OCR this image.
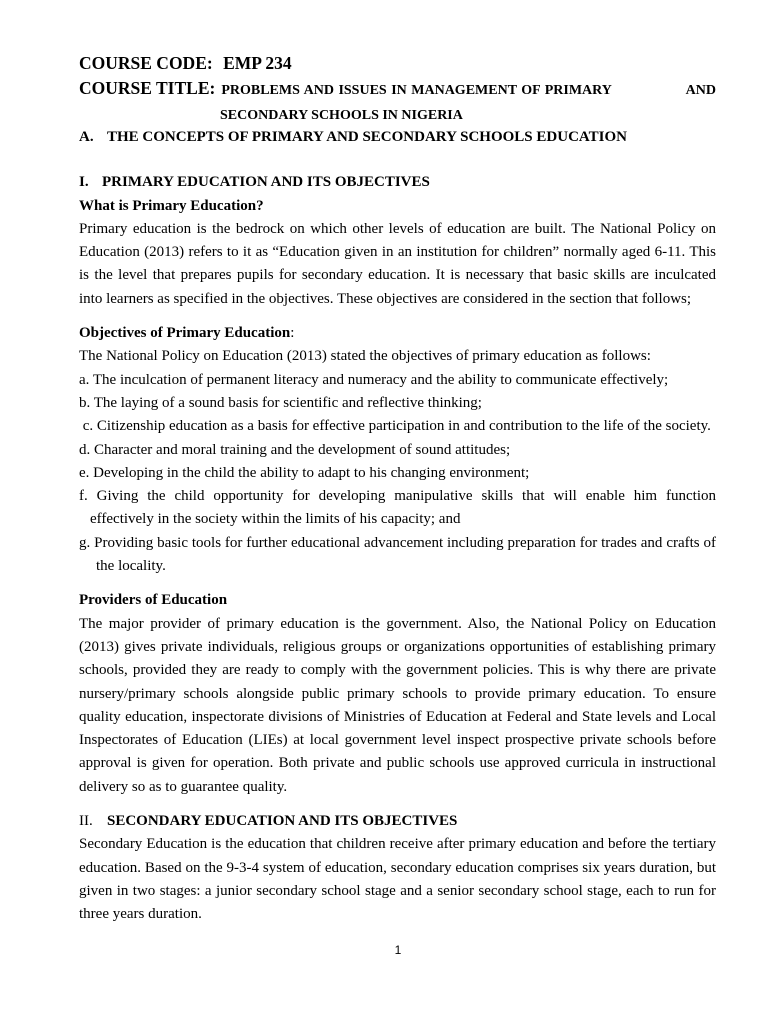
COURSE CODE: EMP 234
COURSE TITLE: PROBLEMS AND ISSUES IN MANAGEMENT OF PRIMARY	AND
SECONDARY SCHOOLS IN NIGERIA
A. THE CONCEPTS OF PRIMARY AND SECONDARY SCHOOLS EDUCATION
I. PRIMARY EDUCATION AND ITS OBJECTIVES
What is Primary Education?

Primary education is the bedrock on which other levels of education are built. The National Policy on

Education (2013) refers to it as “Education given in an institution for children” normally aged 6-11. This

is the level that prepares pupils for secondary education. It is necessary that basic skills are inculcated

into learners as specified in the objectives. These objectives are considered in the section that follows;

Objectives of Primary Education:

The National Policy on Education (2013) stated the objectives of primary education as follows:

a. The inculcation of permanent literacy and numeracy and the ability to communicate effectively;

b. The laying of a sound basis for scientific and reflective thinking;

c. Citizenship education as a basis for effective participation in and contribution to the life of the society.

d. Character and moral training and the development of sound attitudes;

e. Developing in the child the ability to adapt to his changing environment;

f. Giving the child opportunity for developing manipulative skills that will enable him function

effectively in the society within the limits of his capacity; and

g. Providing basic tools for further educational advancement including preparation for trades and crafts of

the locality.

Providers of Education

The major provider of primary education is the government. Also, the National Policy on Education

(2013) gives private individuals, religious groups or organizations opportunities of establishing primary

schools, provided they are ready to comply with the government policies. This is why there are private

nursery/primary schools alongside public primary schools to provide primary education. To ensure

quality education, inspectorate divisions of Ministries of Education at Federal and State levels and Local

Inspectorates of Education (LIEs) at local government level inspect prospective private schools before

approval is given for operation. Both private and public schools use approved curricula in instructional

delivery so as to guarantee quality.

II. SECONDARY EDUCATION AND ITS OBJECTIVES

Secondary Education is the education that children receive after primary education and before the tertiary

education. Based on the 9-3-4 system of education, secondary education comprises six years duration, but

given in two stages: a junior secondary school stage and a senior secondary school stage, each to run for

three years duration.

1
